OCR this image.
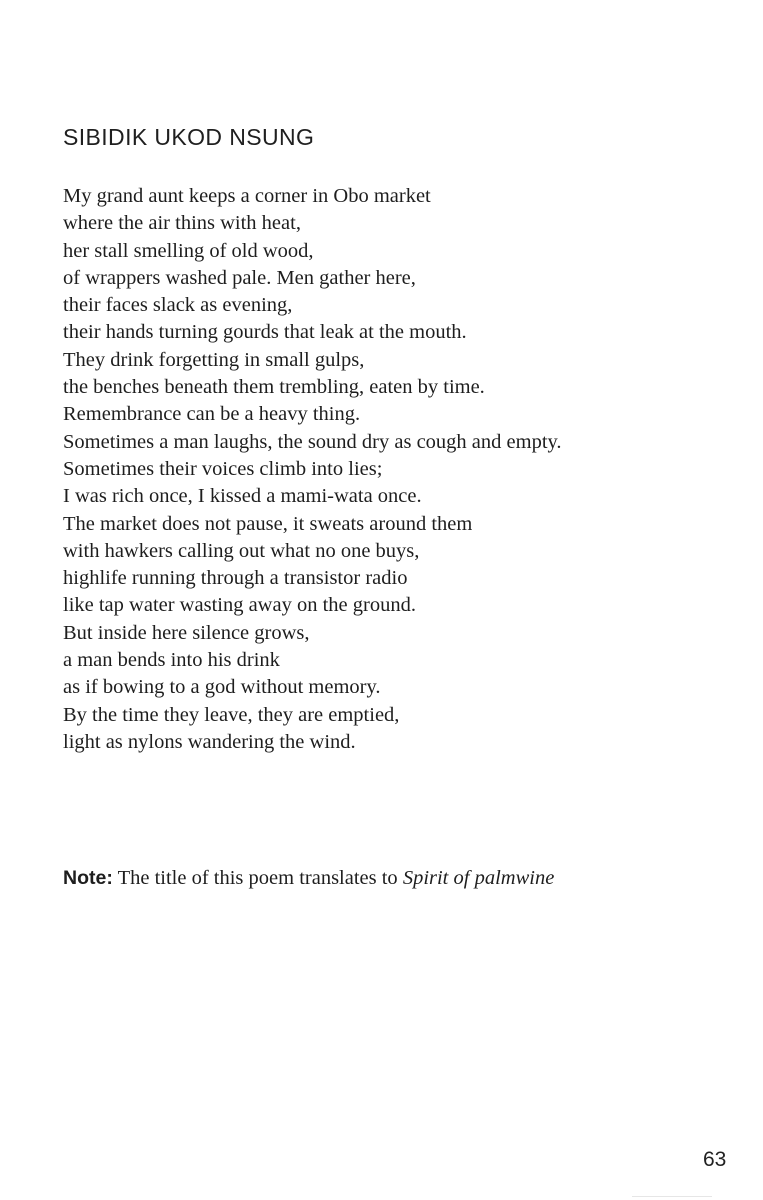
SIBIDIK UKOD NSUNG
My grand aunt keeps a corner in Obo market
where the air thins with heat,
her stall smelling of old wood,
of wrappers washed pale. Men gather here,
their faces slack as evening,
their hands turning gourds that leak at the mouth.
They drink forgetting in small gulps,
the benches beneath them trembling, eaten by time.
Remembrance can be a heavy thing.
Sometimes a man laughs, the sound dry as cough and empty.
Sometimes their voices climb into lies;
I was rich once, I kissed a mami-wata once.
The market does not pause, it sweats around them
with hawkers calling out what no one buys,
highlife running through a transistor radio
like tap water wasting away on the ground.
But inside here silence grows,
a man bends into his drink
as if bowing to a god without memory.
By the time they leave, they are emptied,
light as nylons wandering the wind.

Note: The title of this poem translates to Spirit of palmwine

63
